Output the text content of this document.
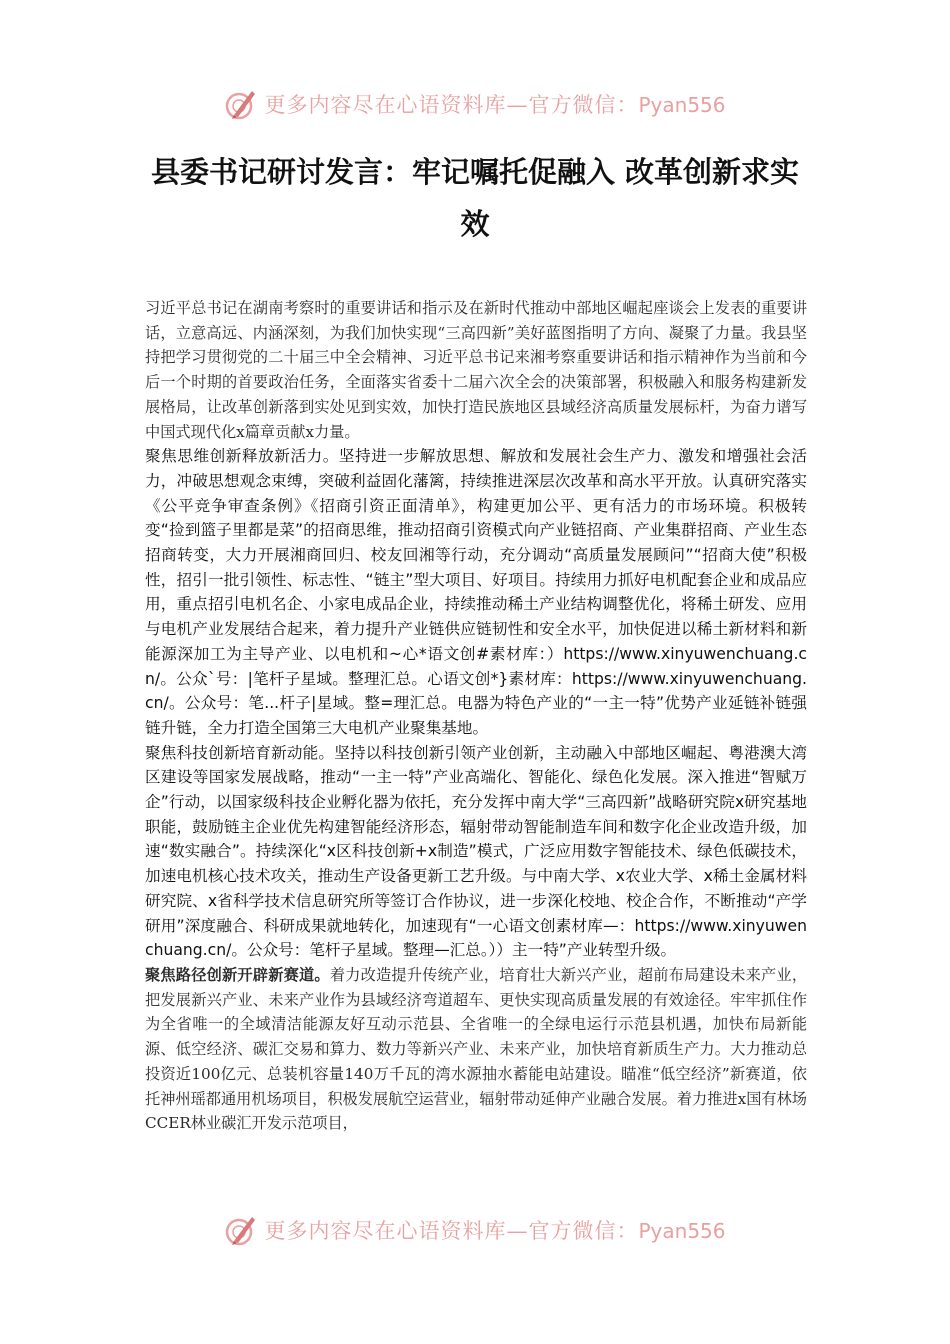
更多内容尽在心语资料库—官方微信：Pyan556
县委书记研讨发言：牢记嘱托促融入 改革创新求实效

习近平总书记在湖南考察时的重要讲话和指示及在新时代推动中部地区崛起座谈会上发表的重要讲话，立意高远、内涵深刻，为我们加快实现“三高四新”美好蓝图指明了方向、凝聚了力量。我县坚持把学习贯彻党的二十届三中全会精神、习近平总书记来湘考察重要讲话和指示精神作为当前和今后一个时期的首要政治任务，全面落实省委十二届六次全会的决策部署，积极融入和服务构建新发展格局，让改革创新落到实处见到实效，加快打造民族地区县域经济高质量发展标杆，为奋力谱写中国式现代化x篇章贡献x力量。

聚焦思维创新释放新活力。坚持进一步解放思想、解放和发展社会生产力、激发和增强社会活力，冲破思想观念束缚，突破利益固化藩篱，持续推进深层次改革和高水平开放。认真研究落实《公平竞争审查条例》《招商引资正面清单》，构建更加公平、更有活力的市场环境。积极转变“捡到篮子里都是菜”的招商思维，推动招商引资模式向产业链招商、产业集群招商、产业生态招商转变，大力开展湘商回归、校友回湘等行动，充分调动“高质量发展顾问”“招商大使”积极性，招引一批引领性、标志性、“链主”型大项目、好项目。持续用力抓好电机配套企业和成品应用，重点招引电机名企、小家电成品企业，持续推动稀土产业结构调整优化，将稀土研发、应用与电机产业发展结合起来，着力提升产业链供应链韧性和安全水平，加快促进以稀土新材料和新能源深加工为主导产业、以电机和~心*语文创#素材库：）https://www.xinyuwenchuang.cn/。公众`号：|笔杆子星域。整理汇总。心语文创*}素材库：https://www.xinyuwenchuang.cn/。公众号：笔...杆子|星域。整=理汇总。电器为特色产业的“一主一特”优势产业延链补链强链升链，全力打造全国第三大电机产业聚集基地。

聚焦科技创新培育新动能。坚持以科技创新引领产业创新，主动融入中部地区崛起、粤港澳大湾区建设等国家发展战略，推动“一主一特”产业高端化、智能化、绿色化发展。深入推进“智赋万企”行动，以国家级科技企业孵化器为依托，充分发挥中南大学“三高四新”战略研究院x研究基地职能，鼓励链主企业优先构建智能经济形态，辐射带动智能制造车间和数字化企业改造升级，加速“数实融合”。持续深化“x区科技创新+x制造”模式，广泛应用数字智能技术、绿色低碳技术，加速电机核心技术攻关，推动生产设备更新工艺升级。与中南大学、x农业大学、x稀土金属材料研究院、x省科学技术信息研究所等签订合作协议，进一步深化校地、校企合作，不断推动“产学研用”深度融合、科研成果就地转化，加速现有“一心语文创素材库—：https://www.xinyuwenchuang.cn/。公众号：笔杆子星域。整理—汇总。））主一特”产业转型升级。

聚焦路径创新开辟新赛道。着力改造提升传统产业，培育壮大新兴产业，超前布局建设未来产业，把发展新兴产业、未来产业作为县域经济弯道超车、更快实现高质量发展的有效途径。牢牢抓住作为全省唯一的全域清洁能源友好互动示范县、全省唯一的全绿电运行示范县机遇，加快布局新能源、低空经济、碳汇交易和算力、数力等新兴产业、未来产业，加快培育新质生产力。大力推动总投资近100亿元、总装机容量140万千瓦的湾水源抽水蓄能电站建设。瞄准“低空经济”新赛道，依托神州瑶都通用机场项目，积极发展航空运营业，辐射带动延伸产业融合发展。着力推进x国有林场CCER林业碳汇开发示范项目，

更多内容尽在心语资料库—官方微信：Pyan556
